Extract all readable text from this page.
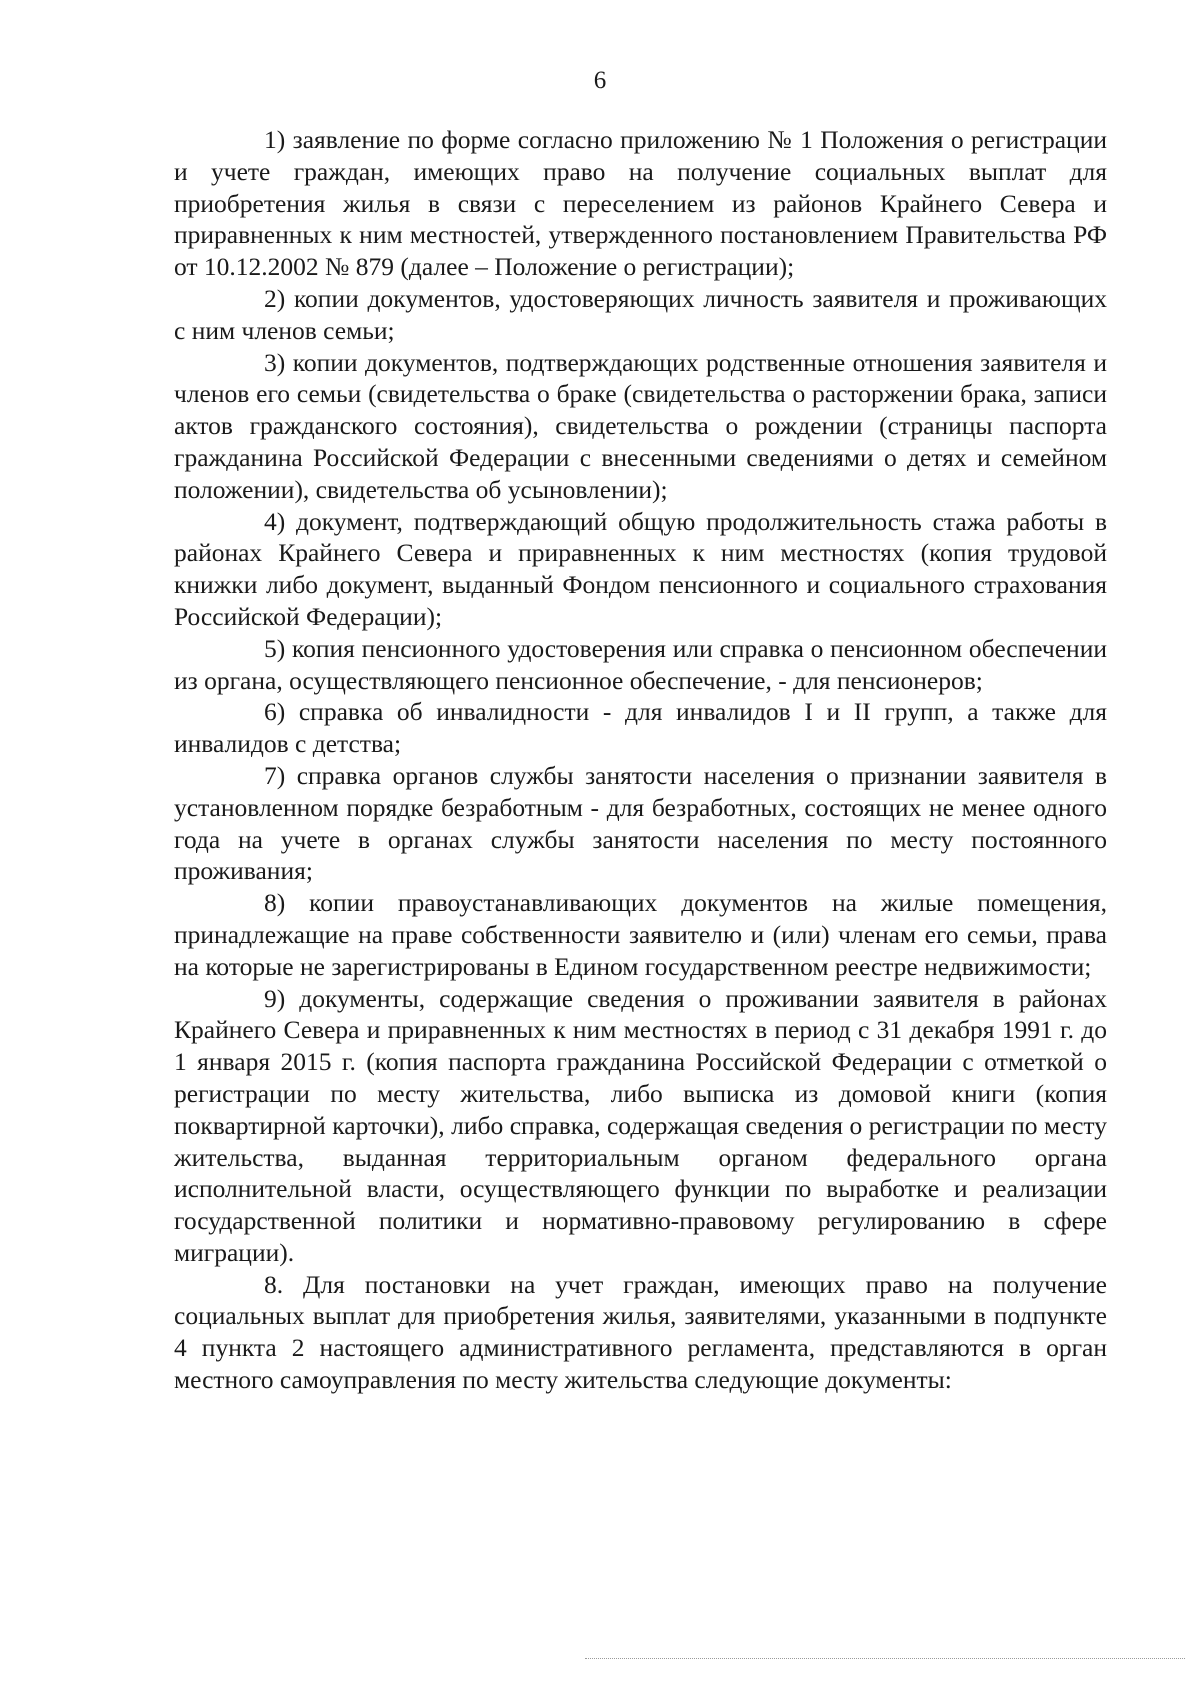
6

1) заявление по форме согласно приложению № 1 Положения о регистрации и учете граждан, имеющих право на получение социальных выплат для приобретения жилья в связи с переселением из районов Крайнего Севера и приравненных к ним местностей, утвержденного постановлением Правительства РФ от 10.12.2002 № 879 (далее – Положение о регистрации);

2) копии документов, удостоверяющих личность заявителя и проживающих с ним членов семьи;

3) копии документов, подтверждающих родственные отношения заявителя и членов его семьи (свидетельства о браке (свидетельства о расторжении брака, записи актов гражданского состояния), свидетельства о рождении (страницы паспорта гражданина Российской Федерации с внесенными сведениями о детях и семейном положении), свидетельства об усыновлении);

4) документ, подтверждающий общую продолжительность стажа работы в районах Крайнего Севера и приравненных к ним местностях (копия трудовой книжки либо документ, выданный Фондом пенсионного и социального страхования Российской Федерации);

5) копия пенсионного удостоверения или справка о пенсионном обеспечении из органа, осуществляющего пенсионное обеспечение, - для пенсионеров;

6) справка об инвалидности - для инвалидов I и II групп, а также для инвалидов с детства;

7) справка органов службы занятости населения о признании заявителя в установленном порядке безработным - для безработных, состоящих не менее одного года на учете в органах службы занятости населения по месту постоянного проживания;

8) копии правоустанавливающих документов на жилые помещения, принадлежащие на праве собственности заявителю и (или) членам его семьи, права на которые не зарегистрированы в Едином государственном реестре недвижимости;

9) документы, содержащие сведения о проживании заявителя в районах Крайнего Севера и приравненных к ним местностях в период с 31 декабря 1991 г. до 1 января 2015 г. (копия паспорта гражданина Российской Федерации с отметкой о регистрации по месту жительства, либо выписка из домовой книги (копия поквартирной карточки), либо справка, содержащая сведения о регистрации по месту жительства, выданная территориальным органом федерального органа исполнительной власти, осуществляющего функции по выработке и реализации государственной политики и нормативно-правовому регулированию в сфере миграции).

8. Для постановки на учет граждан, имеющих право на получение социальных выплат для приобретения жилья, заявителями, указанными в подпункте 4 пункта 2 настоящего административного регламента, представляются в орган местного самоуправления по месту жительства следующие документы:
